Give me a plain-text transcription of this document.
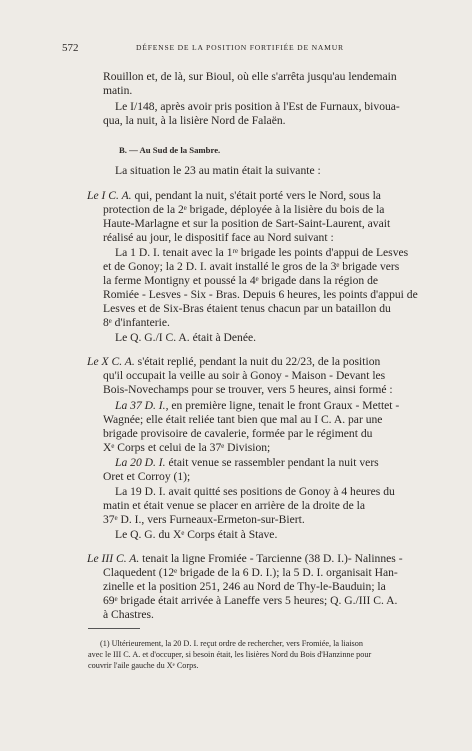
572	DÉFENSE DE LA POSITION FORTIFIÉE DE NAMUR
Rouillon et, de là, sur Bioul, où elle s'arrêta jusqu'au lendemain
matin.
Le I/148, après avoir pris position à l'Est de Furnaux, bivoua-
qua, la nuit, à la lisière Nord de Falaën.
B. — Au Sud de la Sambre.
La situation le 23 au matin était la suivante :
Le I C. A. qui, pendant la nuit, s'était porté vers le Nord, sous la
protection de la 2ᵉ brigade, déployée à la lisière du bois de la
Haute-Marlagne et sur la position de Sart-Saint-Laurent, avait
réalisé au jour, le dispositif face au Nord suivant :
La 1 D. I. tenait avec la 1ʳᵉ brigade les points d'appui de Lesves
et de Gonoy; la 2 D. I. avait installé le gros de la 3ᵉ brigade vers
la ferme Montigny et poussé la 4ᵉ brigade dans la région de
Romiée - Lesves - Six - Bras. Depuis 6 heures, les points d'appui de
Lesves et de Six-Bras étaient tenus chacun par un bataillon du
8ᵉ d'infanterie.
Le Q. G./I C. A. était à Denée.
Le X C. A. s'était replié, pendant la nuit du 22/23, de la position
qu'il occupait la veille au soir à Gonoy - Maison - Devant les
Bois-Novechamps pour se trouver, vers 5 heures, ainsi formé :
La 37 D. I., en première ligne, tenait le front Graux - Mettet -
Wagnée; elle était reliée tant bien que mal au I C. A. par une
brigade provisoire de cavalerie, formée par le régiment du
Xᵉ Corps et celui de la 37ᵉ Division;
La 20 D. I. était venue se rassembler pendant la nuit vers
Oret et Corroy (1);
La 19 D. I. avait quitté ses positions de Gonoy à 4 heures du
matin et était venue se placer en arrière de la droite de la
37ᵉ D. I., vers Furneaux-Ermeton-sur-Biert.
Le Q. G. du Xᵉ Corps était à Stave.
Le III C. A. tenait la ligne Fromiée - Tarcienne (38 D. I.)- Nalinnes -
Claquedent (12ᵉ brigade de la 6 D. I.); la 5 D. I. organisait Han-
zinelle et la position 251, 246 au Nord de Thy-le-Bauduin; la
69ᵉ brigade était arrivée à Laneffe vers 5 heures; Q. G./III C. A.
à Chastres.
(1) Ultérieurement, la 20 D. I. reçut ordre de rechercher, vers Fromiée, la liaison
avec le III C. A. et d'occuper, si besoin était, les lisières Nord du Bois d'Hanzinne pour
couvrir l'aile gauche du Xᵉ Corps.
